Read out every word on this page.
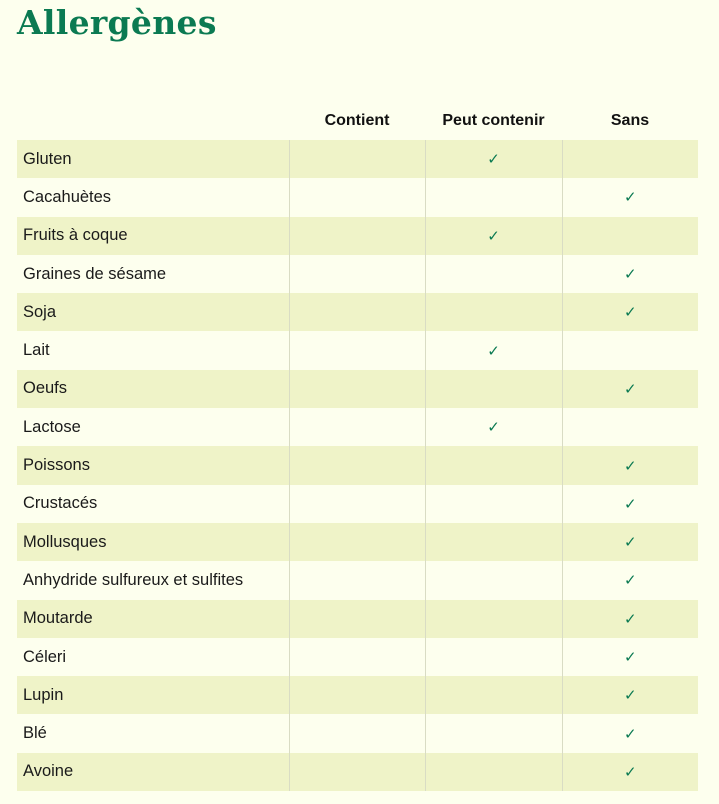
Allergènes
	Contient	Peut contenir	Sans
Gluten		✓	
Cacahuètes			✓
Fruits à coque		✓	
Graines de sésame			✓
Soja			✓
Lait		✓	
Oeufs			✓
Lactose		✓	
Poissons			✓
Crustacés			✓
Mollusques			✓
Anhydride sulfureux et sulfites			✓
Moutarde			✓
Céleri			✓
Lupin			✓
Blé			✓
Avoine			✓
